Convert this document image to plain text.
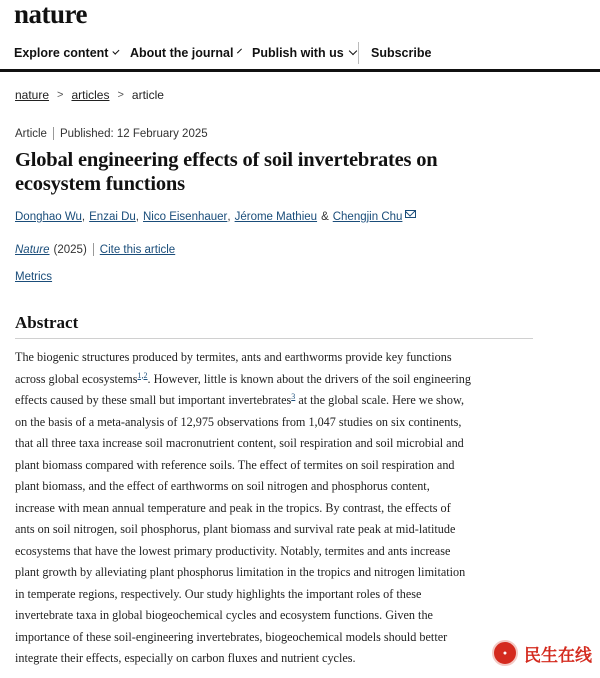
nature
Explore content About the journal Publish with us Subscribe
nature > articles > article
Article Published: 12 February 2025
Global engineering effects of soil invertebrates on
ecosystem functions
Donghao Wu , Enzai Du , Nico Eisenhauer , Jérome Mathieu & Chengjin Chu
Nature (2025) Cite this article
Metrics
Abstract
The biogenic structures produced by termites, ants and earthworms provide key functions
across global ecosystems$^{1,2}$. However, little is known about the drivers of the soil engineering
effects caused by these small but important invertebrates$^3$ at the global scale. Here we show,
on the basis of a meta-analysis of 12,975 observations from 1,047 studies on six continents,
that all three taxa increase soil macronutrient content, soil respiration and soil microbial and
plant biomass compared with reference soils. The effect of termites on soil respiration and
plant biomass, and the effect of earthworms on soil nitrogen and phosphorus content,
increase with mean annual temperature and peak in the tropics. By contrast, the effects of
ants on soil nitrogen, soil phosphorus, plant biomass and survival rate peak at mid-latitude
ecosystems that have the lowest primary productivity. Notably, termites and ants increase
plant growth by alleviating plant phosphorus limitation in the tropics and nitrogen limitation
in temperate regions, respectively. Our study highlights the important roles of these
invertebrate taxa in global biogeochemical cycles and ecosystem functions. Given the
importance of these soil-engineering invertebrates, biogeochemical models should better
integrate their effects, especially on carbon fluxes and nutrient cycles.	● 民生在线
